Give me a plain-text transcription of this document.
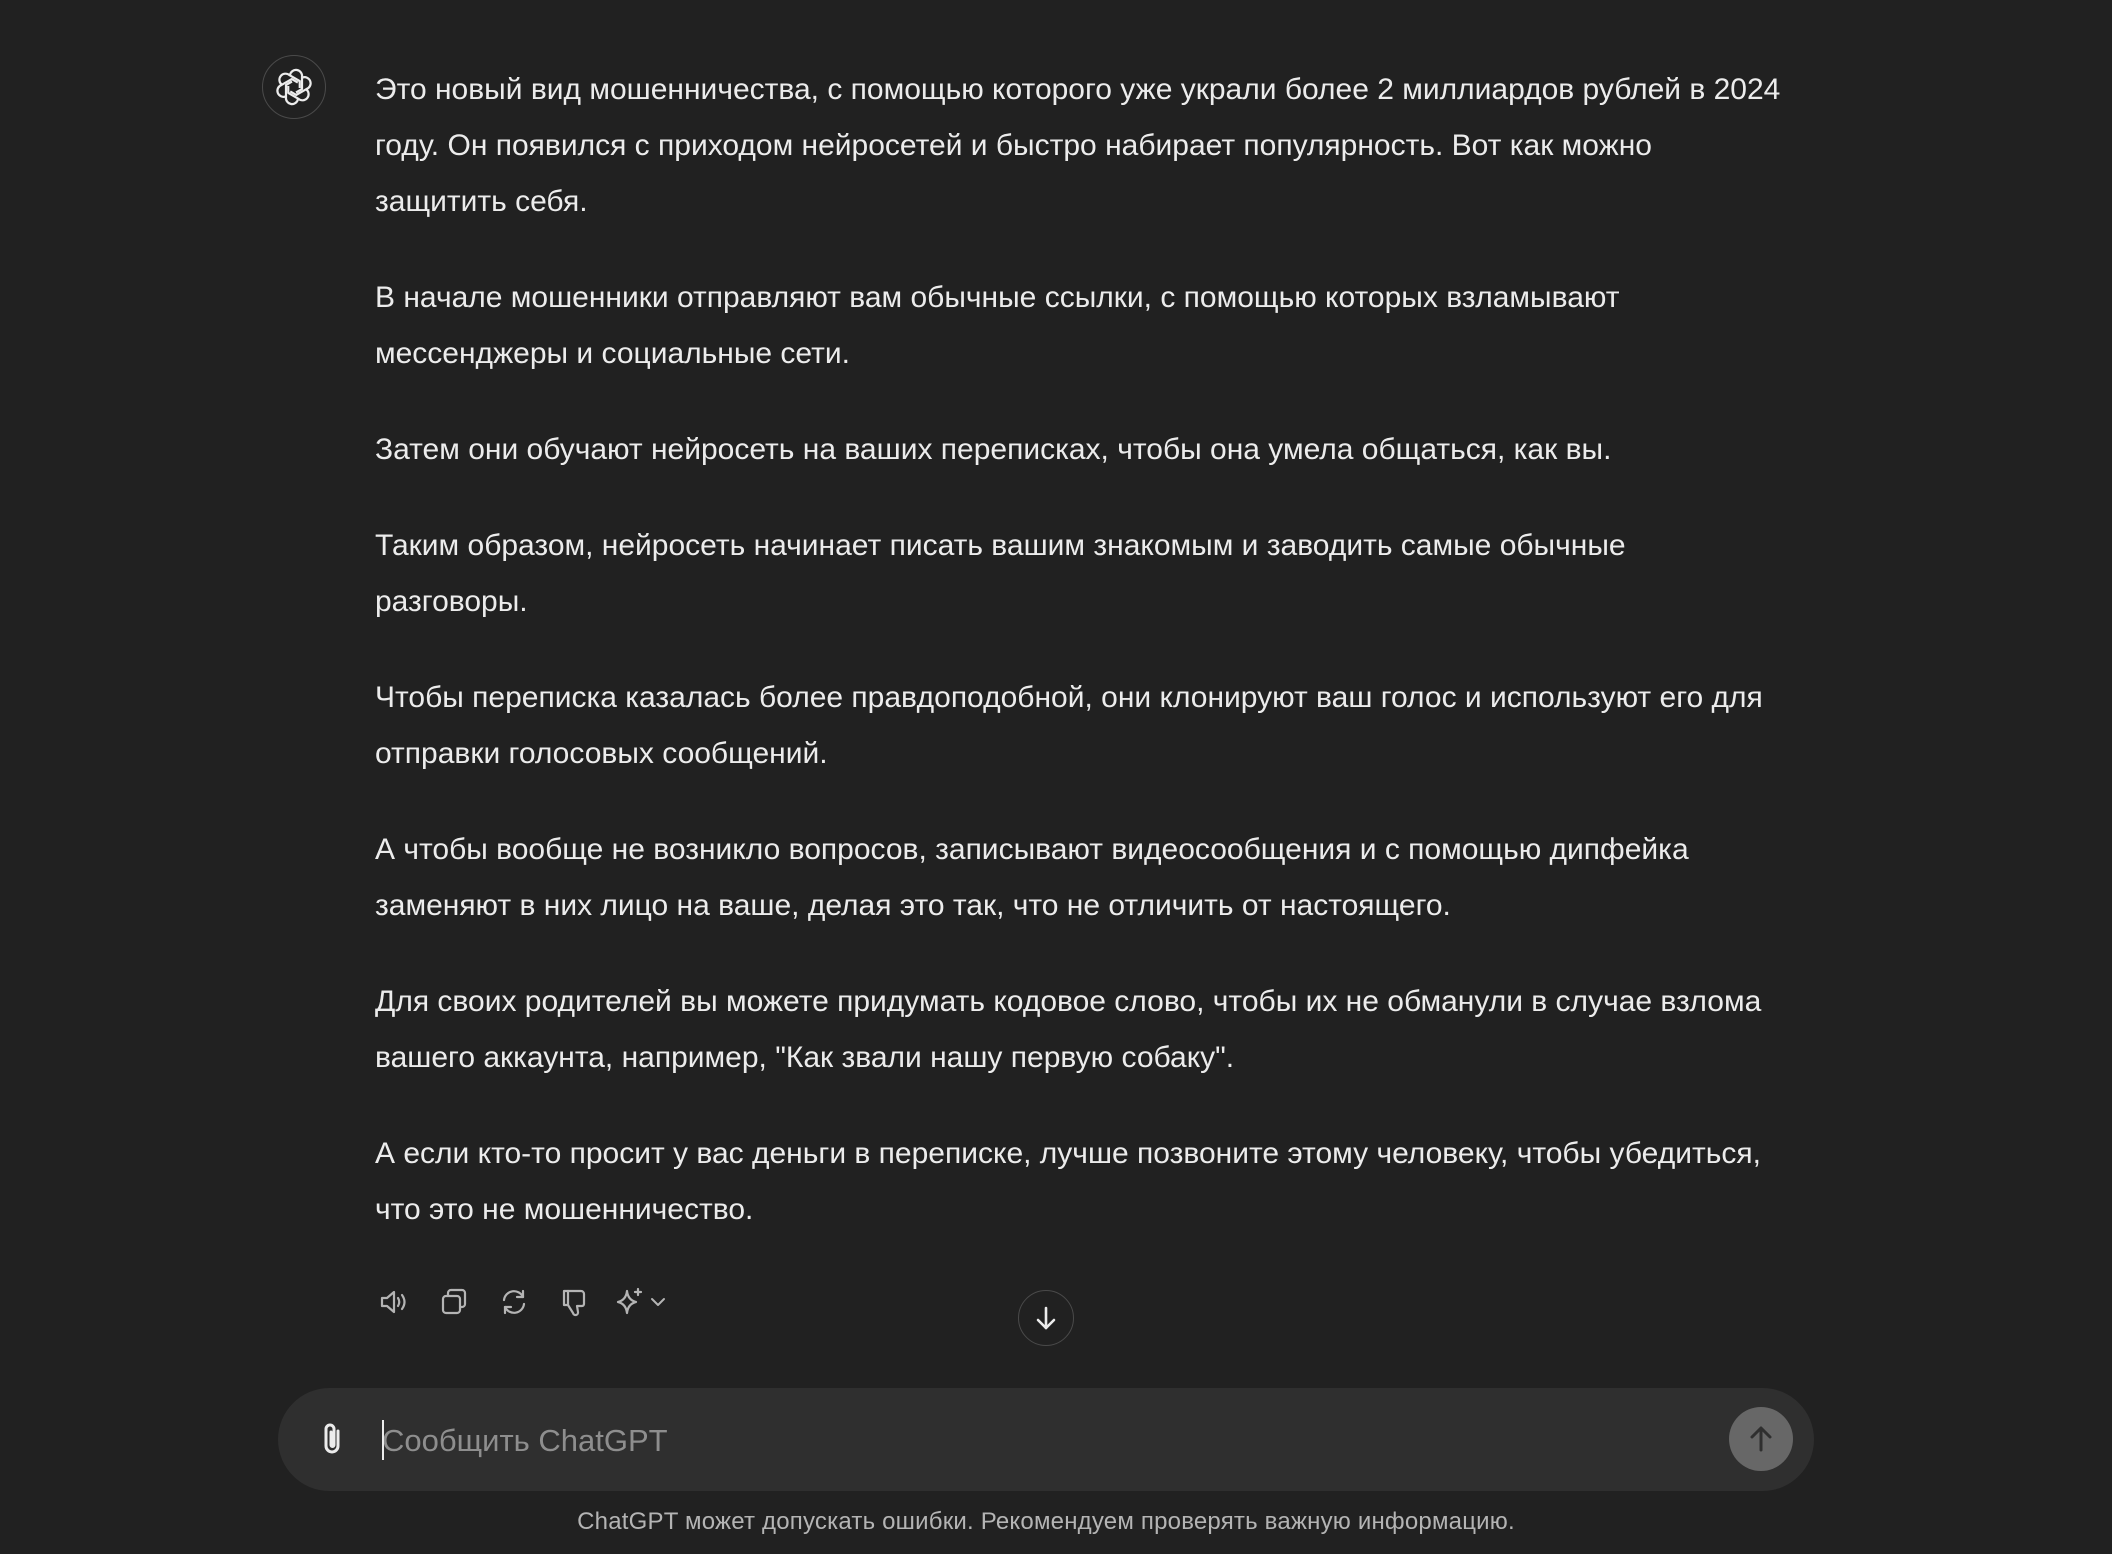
Это новый вид мошенничества, с помощью которого уже украли более 2 миллиардов рублей в 2024 году. Он появился с приходом нейросетей и быстро набирает популярность. Вот как можно защитить себя.

В начале мошенники отправляют вам обычные ссылки, с помощью которых взламывают мессенджеры и социальные сети.

Затем они обучают нейросеть на ваших переписках, чтобы она умела общаться, как вы.

Таким образом, нейросеть начинает писать вашим знакомым и заводить самые обычные разговоры.

Чтобы переписка казалась более правдоподобной, они клонируют ваш голос и используют его для отправки голосовых сообщений.

А чтобы вообще не возникло вопросов, записывают видеосообщения и с помощью дипфейка заменяют в них лицо на ваше, делая это так, что не отличить от настоящего.

Для своих родителей вы можете придумать кодовое слово, чтобы их не обманули в случае взлома вашего аккаунта, например, "Как звали нашу первую собаку".

А если кто-то просит у вас деньги в переписке, лучше позвоните этому человеку, чтобы убедиться, что это не мошенничество.

Сообщить ChatGPT
ChatGPT может допускать ошибки. Рекомендуем проверять важную информацию.
